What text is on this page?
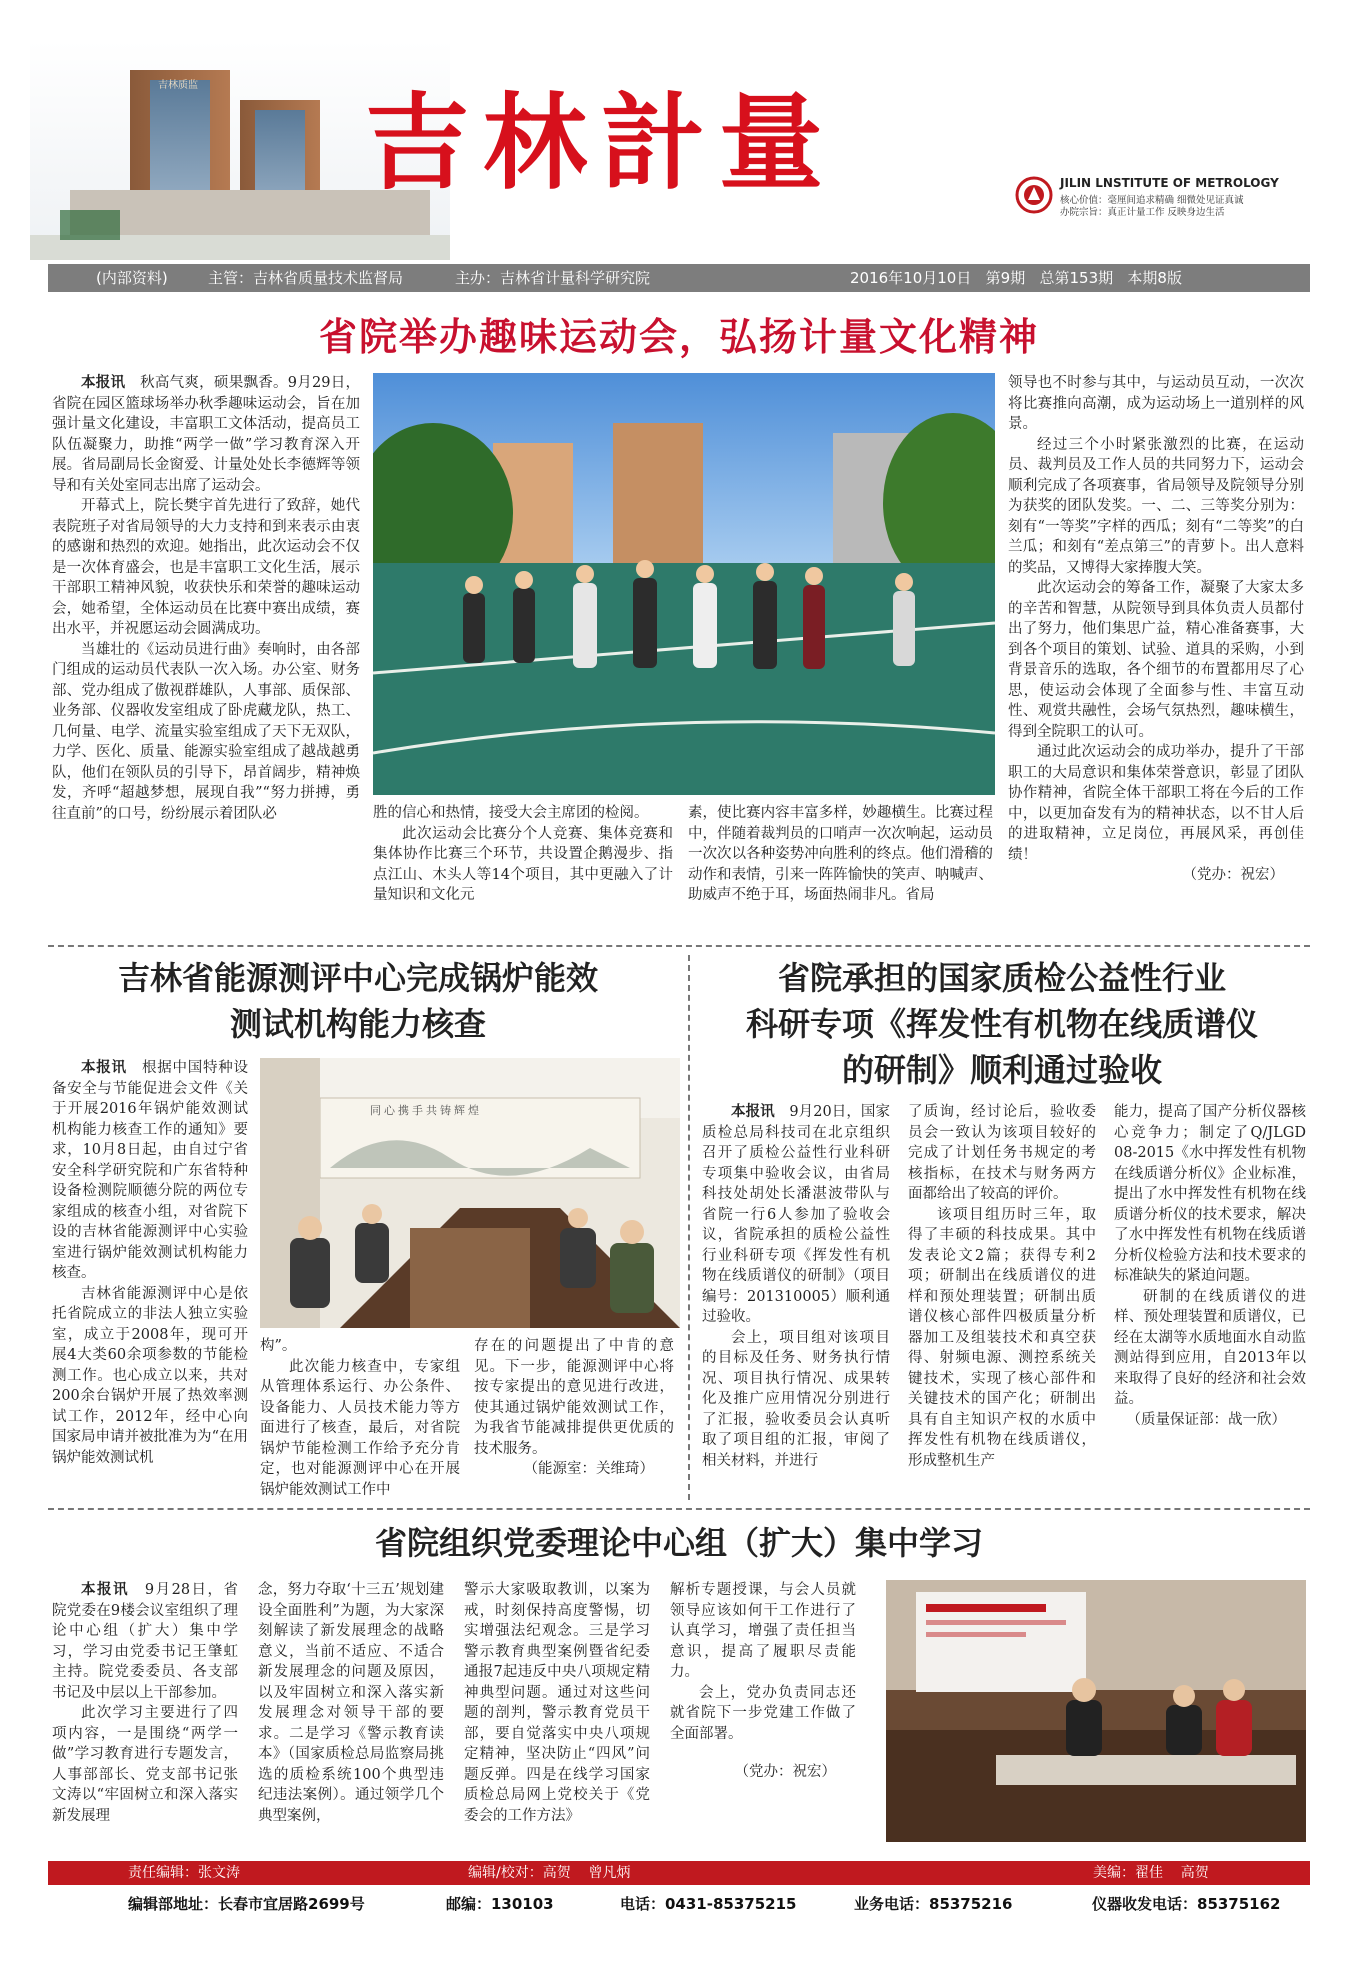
吉林质监 吉林計量	JILIN LNSTITUTE OF METROLOGY
核心价值：毫厘间追求精确 细微处见证真诚
办院宗旨：真正计量工作 反映身边生活
(内部资料)	主管：吉林省质量技术监督局	主办：吉林省计量科学研究院	2016年10月10日   第9期   总第153期   本期8版
省院举办趣味运动会，弘扬计量文化精神

本报讯　 秋高气爽，硕果飘香。9月29日，省院在园区篮球场举办秋季趣味运动会，旨在加强计量文化建设，丰富职工文体活动，提高员工队伍凝聚力，助推“两学一做”学习教育深入开展。省局副局长金窗爱、计量处处长李德辉等领导和有关处室同志出席了运动会。

开幕式上，院长樊宇首先进行了致辞，她代表院班子对省局领导的大力支持和到来表示由衷的感谢和热烈的欢迎。她指出，此次运动会不仅是一次体育盛会，也是丰富职工文化生活，展示干部职工精神风貌，收获快乐和荣誉的趣味运动会，她希望，全体运动员在比赛中赛出成绩，赛出水平，并祝愿运动会圆满成功。

当雄壮的《运动员进行曲》奏响时，由各部门组成的运动员代表队一次入场。办公室、财务部、党办组成了傲视群雄队，人事部、质保部、业务部、仪器收发室组成了卧虎藏龙队，热工、几何量、电学、流量实验室组成了天下无双队，力学、医化、质量、能源实验室组成了越战越勇队，他们在领队员的引导下，昂首阔步，精神焕发，齐呼“超越梦想，展现自我”“努力拼搏，勇往直前”的口号，纷纷展示着团队必	胜的信心和热情，接受大会主席团的检阅。

此次运动会比赛分个人竞赛、集体竞赛和集体协作比赛三个环节，共设置企鹅漫步、指点江山、木头人等14个项目，其中更融入了计量知识和文化元

素，使比赛内容丰富多样，妙趣横生。比赛过程中，伴随着裁判员的口哨声一次次响起，运动员一次次以各种姿势冲向胜利的终点。他们滑稽的动作和表情，引来一阵阵愉快的笑声、呐喊声、助威声不绝于耳，场面热闹非凡。省局

领导也不时参与其中，与运动员互动，一次次将比赛推向高潮，成为运动场上一道别样的风景。

经过三个小时紧张激烈的比赛，在运动员、裁判员及工作人员的共同努力下，运动会顺利完成了各项赛事，省局领导及院领导分别为获奖的团队发奖。一、二、三等奖分别为：刻有“一等奖”字样的西瓜；刻有“二等奖”的白兰瓜；和刻有“差点第三”的青萝卜。出人意料的奖品，又博得大家捧腹大笑。

此次运动会的筹备工作，凝聚了大家太多的辛苦和智慧，从院领导到具体负责人员都付出了努力，他们集思广益，精心准备赛事，大到各个项目的策划、试验、道具的采购，小到背景音乐的选取，各个细节的布置都用尽了心思，使运动会体现了全面参与性、丰富互动性、观赏共融性，会场气氛热烈，趣味横生，得到全院职工的认可。

通过此次运动会的成功举办，提升了干部职工的大局意识和集体荣誉意识，彰显了团队协作精神，省院全体干部职工将在今后的工作中，以更加奋发有为的精神状态，以不甘人后的进取精神，立足岗位，再展风采，再创佳绩！

（党办：祝宏）

吉林省能源测评中心完成锅炉能效
测试机构能力核查

本报讯　 根据中国特种设备安全与节能促进会文件《关于开展2016年锅炉能效测试机构能力核查工作的通知》要求，10月8日起，由自过宁省安全科学研究院和广东省特种设备检测院顺德分院的两位专家组成的核查小组，对省院下设的吉林省能源测评中心实验室进行锅炉能效测试机构能力核查。

吉林省能源测评中心是依托省院成立的非法人独立实验室，成立于2008年，现可开展4大类60余项参数的节能检测工作。也心成立以来，共对200余台锅炉开展了热效率测试工作，2012年，经中心向国家局申请并被批准为为“在用锅炉能效测试机

同心携手共铸辉煌

构”。

此次能力核查中，专家组从管理体系运行、办公条件、设备能力、人员技术能力等方面进行了核查，最后，对省院锅炉节能检测工作给予充分肯定，也对能源测评中心在开展锅炉能效测试工作中

存在的问题提出了中肯的意见。下一步，能源测评中心将按专家提出的意见进行改进，使其通过锅炉能效测试工作，为我省节能减排提供更优质的技术服务。

（能源室：关维琦）

省院承担的国家质检公益性行业
科研专项《挥发性有机物在线质谱仪
的研制》顺利通过验收

本报讯　 9月20日，国家质检总局科技司在北京组织召开了质检公益性行业科研专项集中验收会议，由省局科技处胡处长潘湛波带队与省院一行6人参加了验收会议，省院承担的质检公益性行业科研专项《挥发性有机物在线质谱仪的研制》（项目编号：201310005）顺利通过验收。

会上，项目组对该项目的目标及任务、财务执行情况、项目执行情况、成果转化及推广应用情况分别进行了汇报，验收委员会认真听取了项目组的汇报，审阅了相关材料，并进行

了质询，经讨论后，验收委员会一致认为该项目较好的完成了计划任务书规定的考核指标，在技术与财务两方面都给出了较高的评价。

该项目组历时三年，取得了丰硕的科技成果。其中发表论文2篇；获得专利2项；研制出在线质谱仪的进样和预处理装置；研制出质谱仪核心部件四极质量分析器加工及组装技术和真空获得、射频电源、测控系统关键技术，实现了核心部件和关键技术的国产化；研制出具有自主知识产权的水质中挥发性有机物在线质谱仪，形成整机生产

能力，提高了国产分析仪器核心竞争力；制定了Q/JLGD 08-2015《水中挥发性有机物在线质谱分析仪》企业标准，提出了水中挥发性有机物在线质谱分析仪的技术要求，解决了水中挥发性有机物在线质谱分析仪检验方法和技术要求的标准缺失的紧迫问题。

研制的在线质谱仪的进样、预处理装置和质谱仪，已经在太湖等水质地面水自动监测站得到应用，自2013年以来取得了良好的经济和社会效益。

（质量保证部：战一欣）

省院组织党委理论中心组（扩大）集中学习

本报讯　 9月28日，省院党委在9楼会议室组织了理论中心组（扩大）集中学习，学习由党委书记王肇虹主持。院党委委员、各支部书记及中层以上干部参加。

此次学习主要进行了四项内容，一是围绕“两学一做”学习教育进行专题发言，人事部部长、党支部书记张文涛以“牢固树立和深入落实新发展理

念，努力夺取‘十三五’规划建设全面胜利”为题，为大家深刻解读了新发展理念的战略意义，当前不适应、不适合新发展理念的问题及原因，以及牢固树立和深入落实新发展理念对领导干部的要求。二是学习《警示教育读本》（国家质检总局监察局挑选的质检系统100个典型违纪违法案例）。通过领学几个典型案例，

警示大家吸取教训，以案为戒，时刻保持高度警惕，切实增强法纪观念。三是学习警示教育典型案例暨省纪委通报7起违反中央八项规定精神典型问题。通过对这些问题的剖判，警示教育党员干部，要自觉落实中央八项规定精神，坚决防止“四风”问题反弹。四是在线学习国家质检总局网上党校关于《党委会的工作方法》

解析专题授课，与会人员就领导应该如何干工作进行了认真学习，增强了责任担当意识，提高了履职尽责能力。

会上，党办负责同志还就省院下一步党建工作做了全面部署。

（党办：祝宏）

责任编辑：张文涛	编辑/校对：高贺    曾凡炳	美编：翟佳    高贺
编辑部地址：长春市宜居路2699号	邮编：130103	电话：0431-85375215	业务电话：85375216	仪器收发电话：85375162
